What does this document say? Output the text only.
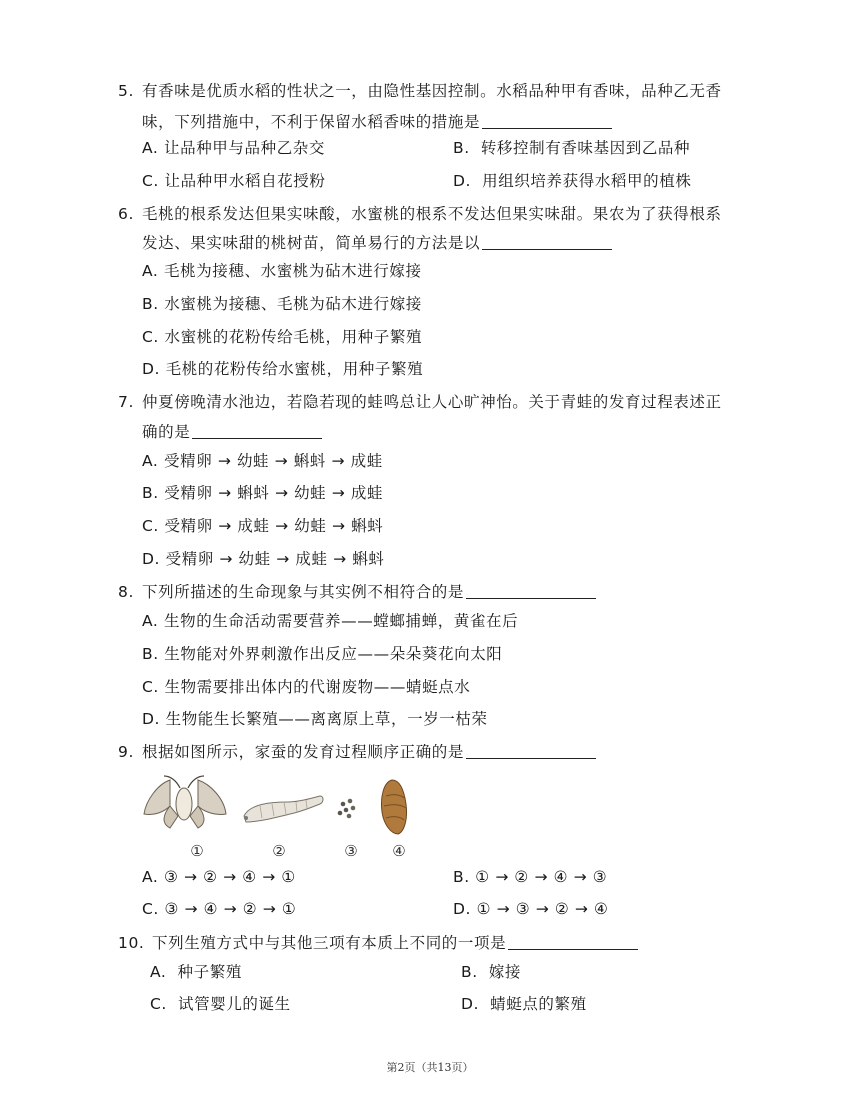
5. 有香味是优质水稻的性状之一，由隐性基因控制。水稻品种甲有香味，品种乙无香
味，下列措施中，不利于保留水稻香味的措施是
A. 让品种甲与品种乙杂交	B. 转移控制有香味基因到乙品种
C. 让品种甲水稻自花授粉	D. 用组织培养获得水稻甲的植株
6. 毛桃的根系发达但果实味酸，水蜜桃的根系不发达但果实味甜。果农为了获得根系
发达、果实味甜的桃树苗，简单易行的方法是以
A. 毛桃为接穗、水蜜桃为砧木进行嫁接
B. 水蜜桃为接穗、毛桃为砧木进行嫁接
C. 水蜜桃的花粉传给毛桃，用种子繁殖
D. 毛桃的花粉传给水蜜桃，用种子繁殖
7. 仲夏傍晚清水池边，若隐若现的蛙鸣总让人心旷神怡。关于青蛙的发育过程表述正
确的是
A. 受精卵 → 幼蛙 → 蝌蚪 → 成蛙
B. 受精卵 → 蝌蚪 → 幼蛙 → 成蛙
C. 受精卵 → 成蛙 → 幼蛙 → 蝌蚪
D. 受精卵 → 幼蛙 → 成蛙 → 蝌蚪
8. 下列所描述的生命现象与其实例不相符合的是
A. 生物的生命活动需要营养——螳螂捕蝉，黄雀在后
B. 生物能对外界刺激作出反应——朵朵葵花向太阳
C. 生物需要排出体内的代谢废物——蜻蜓点水
D. 生物能生长繁殖——离离原上草，一岁一枯荣
9. 根据如图所示，家蚕的发育过程顺序正确的是
①	②	③ ④
A. ③ → ② → ④ → ①	B. ① → ② → ④ → ③
C. ③ → ④ → ② → ①	D. ① → ③ → ② → ④
10. 下列生殖方式中与其他三项有本质上不同的一项是
A. 种子繁殖	B. 嫁接
C. 试管婴儿的诞生	D. 蜻蜓点的繁殖
第2页（共13页）
